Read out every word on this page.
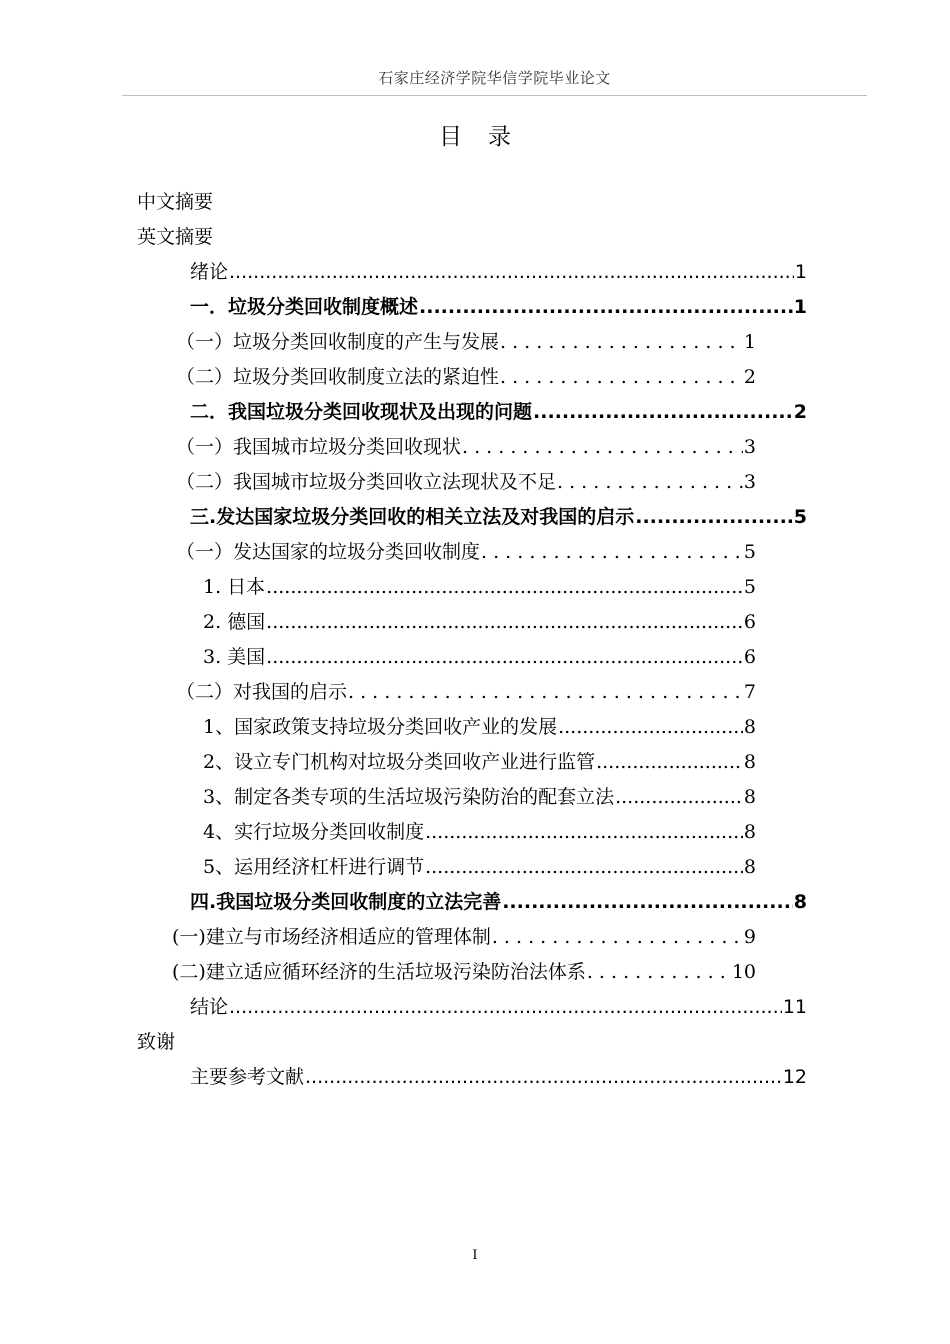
石家庄经济学院华信学院毕业论文
目 录
中文摘要
英文摘要
绪论 .....	1
一．垃圾分类回收制度概述 .....	1
（一）垃圾分类回收制度的产生与发展 . . .	1
（二）垃圾分类回收制度立法的紧迫性 . . .	2
二．我国垃圾分类回收现状及出现的问题 .....	2
（一）我国城市垃圾分类回收现状 . . .	3
（二）我国城市垃圾分类回收立法现状及不足 . . .	3
三.发达国家垃圾分类回收的相关立法及对我国的启示 .....	5
（一）发达国家的垃圾分类回收制度 . . .	5
1. 日本 .....	5
2. 德国 .....	6
3. 美国 .....	6
（二）对我国的启示 . . .	7
1、国家政策支持垃圾分类回收产业的发展 .....	8
2、设立专门机构对垃圾分类回收产业进行监管 .....	8
3、制定各类专项的生活垃圾污染防治的配套立法 .....	8
4、实行垃圾分类回收制度 .....	8
5、运用经济杠杆进行调节 .....	8
四.我国垃圾分类回收制度的立法完善 .....	8
(一)建立与市场经济相适应的管理体制 . . .	9
(二)建立适应循环经济的生活垃圾污染防治法体系 . . .	10
结论 .....	11
致谢
主要参考文献 .....	12
I
